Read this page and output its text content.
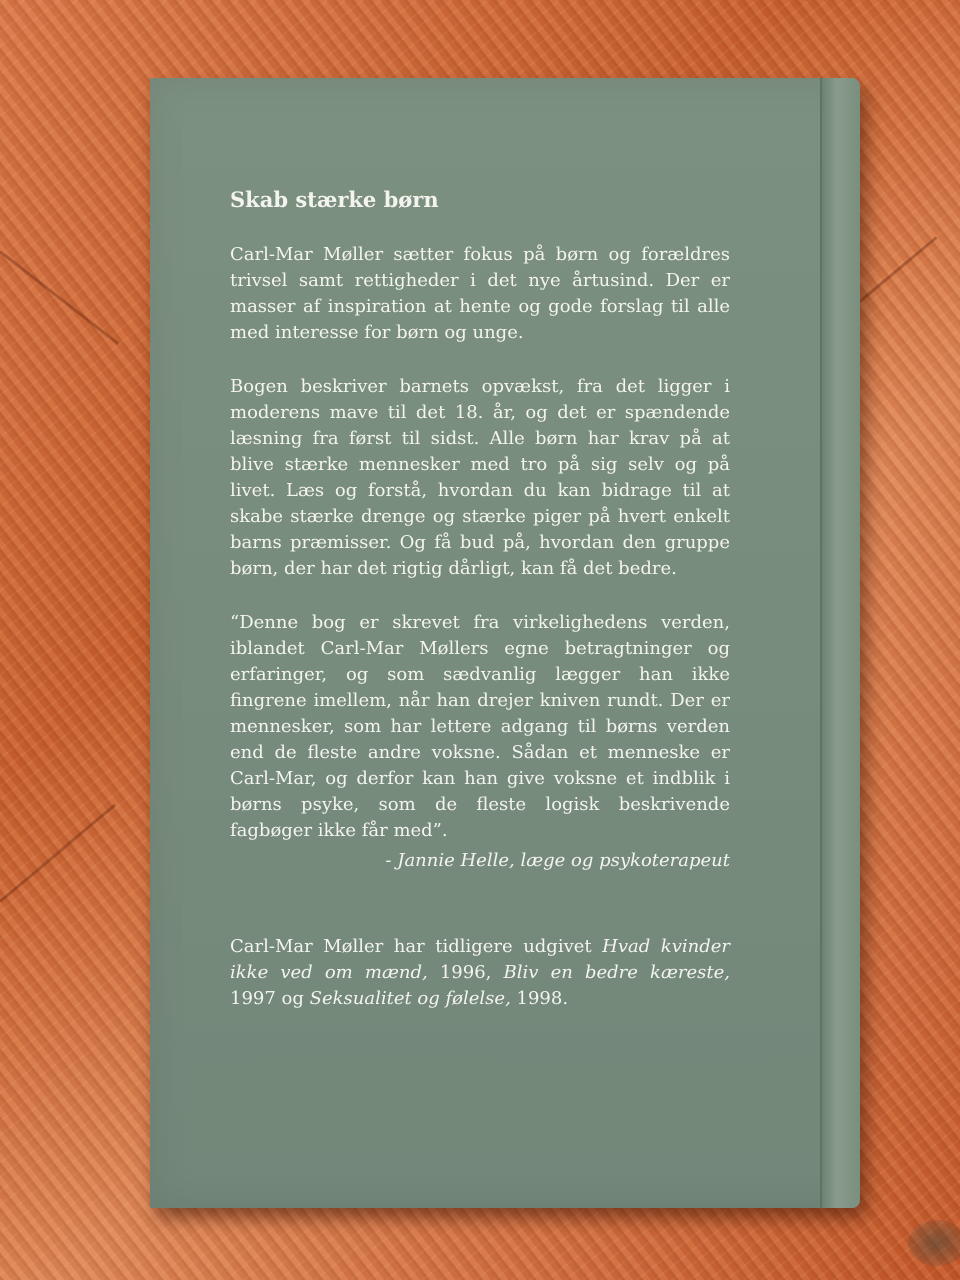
Skab stærke børn

Carl-Mar Møller sætter fokus på børn og forældres trivsel samt rettigheder i det nye årtusind. Der er masser af inspiration at hente og gode forslag til alle med interesse for børn og unge.

Bogen beskriver barnets opvækst, fra det ligger i moderens mave til det 18. år, og det er spændende læsning fra først til sidst. Alle børn har krav på at blive stærke mennesker med tro på sig selv og på livet. Læs og forstå, hvordan du kan bidrage til at skabe stærke drenge og stærke piger på hvert enkelt barns præmisser. Og få bud på, hvordan den gruppe børn, der har det rigtig dårligt, kan få det bedre.

“Denne bog er skrevet fra virkelighedens verden, iblandet Carl-Mar Møllers egne betragtninger og erfaringer, og som sædvanlig lægger han ikke fingrene imellem, når han drejer kniven rundt. Der er mennesker, som har lettere adgang til børns verden end de fleste andre voksne. Sådan et menneske er Carl-Mar, og derfor kan han give voksne et indblik i børns psyke, som de fleste logisk beskrivende fagbøger ikke får med”.

- Jannie Helle, læge og psykoterapeut

Carl-Mar Møller har tidligere udgivet Hvad kvinder ikke ved om mænd, 1996, Bliv en bedre kæreste, 1997 og Seksualitet og følelse, 1998.
